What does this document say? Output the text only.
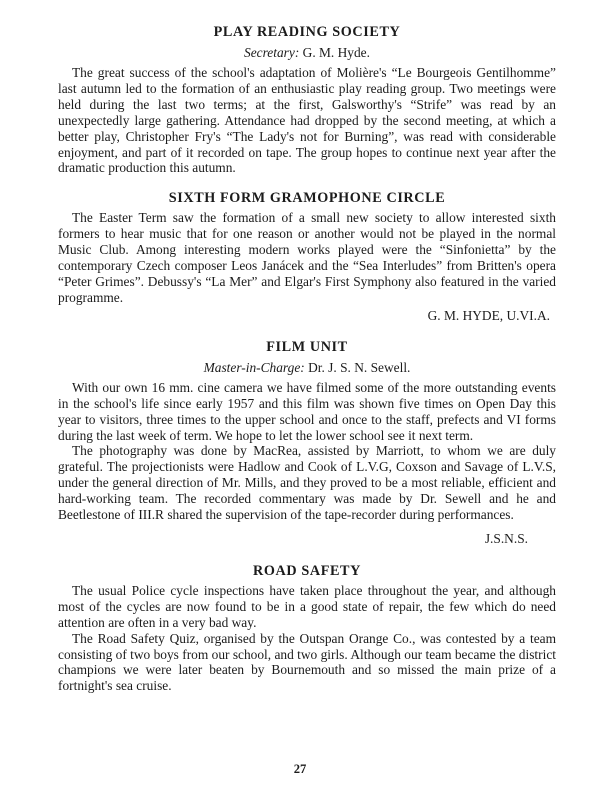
PLAY READING SOCIETY
Secretary: G. M. Hyde.

The great success of the school's adaptation of Molière's “Le Bourgeois Gentilhomme” last autumn led to the formation of an enthusiastic play reading group. Two meetings were held during the last two terms; at the first, Galsworthy's “Strife” was read by an unexpectedly large gathering. Attendance had dropped by the second meeting, at which a better play, Christopher Fry's “The Lady's not for Burning”, was read with considerable enjoyment, and part of it recorded on tape. The group hopes to continue next year after the dramatic production this autumn.

SIXTH FORM GRAMOPHONE CIRCLE

The Easter Term saw the formation of a small new society to allow interested sixth formers to hear music that for one reason or another would not be played in the normal Music Club. Among interesting modern works played were the “Sinfonietta” by the contemporary Czech composer Leos Janácek and the “Sea Interludes” from Britten's opera “Peter Grimes”. Debussy's “La Mer” and Elgar's First Symphony also featured in the varied programme.

G. M. HYDE, U.VI.A.
FILM UNIT
Master-in-Charge: Dr. J. S. N. Sewell.

With our own 16 mm. cine camera we have filmed some of the more outstanding events in the school's life since early 1957 and this film was shown five times on Open Day this year to visitors, three times to the upper school and once to the staff, prefects and VI forms during the last week of term. We hope to let the lower school see it next term.

The photography was done by MacRea, assisted by Marriott, to whom we are duly grateful. The projectionists were Hadlow and Cook of L.V.G, Coxson and Savage of L.V.S, under the general direction of Mr. Mills, and they proved to be a most reliable, efficient and hard-working team. The recorded commentary was made by Dr. Sewell and he and Beetlestone of III.R shared the supervision of the tape-recorder during performances.

J.S.N.S.
ROAD SAFETY

The usual Police cycle inspections have taken place throughout the year, and although most of the cycles are now found to be in a good state of repair, the few which do need attention are often in a very bad way.

The Road Safety Quiz, organised by the Outspan Orange Co., was contested by a team consisting of two boys from our school, and two girls. Although our team became the district champions we were later beaten by Bournemouth and so missed the main prize of a fortnight's sea cruise.

27
